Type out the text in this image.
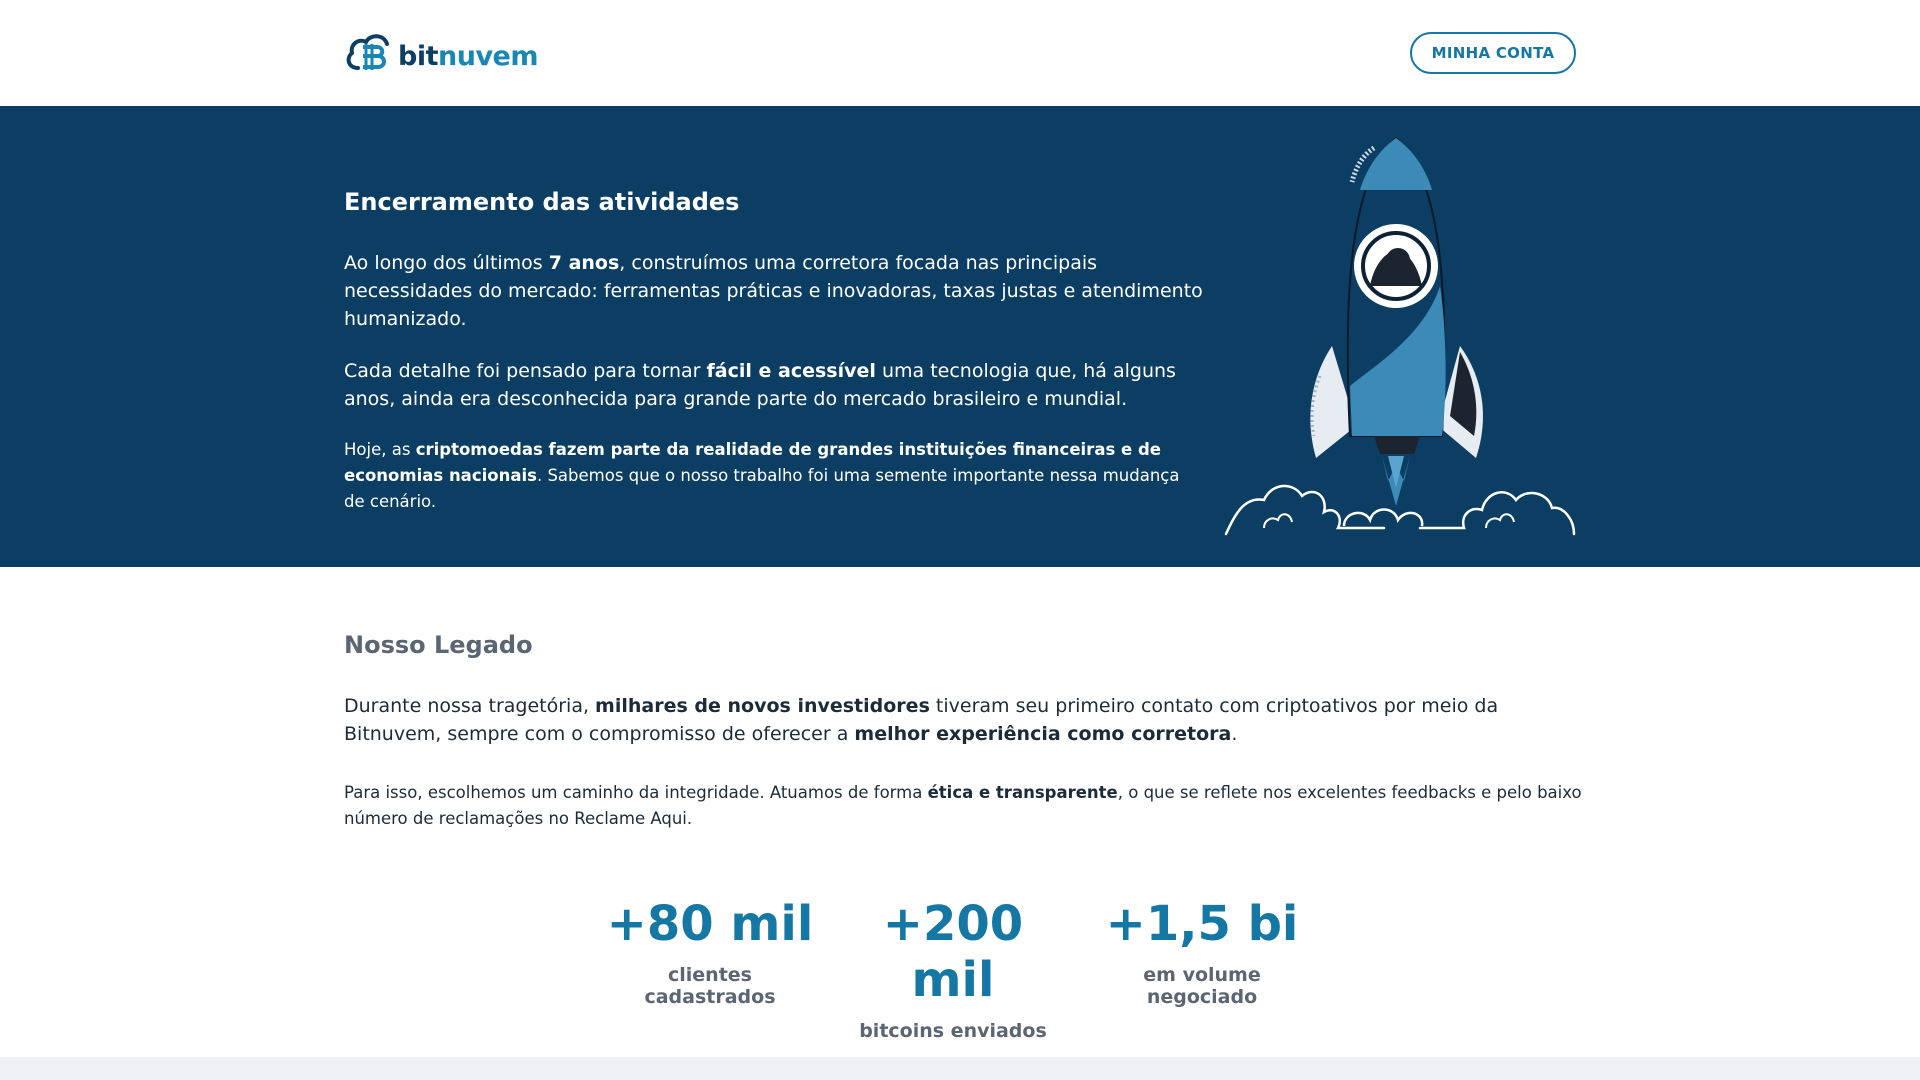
bitnuvem	MINHA CONTA
Encerramento das atividades

Ao longo dos últimos 7 anos, construímos uma corretora focada nas principais necessidades do mercado: ferramentas práticas e inovadoras, taxas justas e atendimento humanizado.

Cada detalhe foi pensado para tornar fácil e acessível uma tecnologia que, há alguns anos, ainda era desconhecida para grande parte do mercado brasileiro e mundial.

Hoje, as criptomoedas fazem parte da realidade de grandes instituições financeiras e de economias nacionais. Sabemos que o nosso trabalho foi uma semente importante nessa mudança de cenário.

Nosso Legado

Durante nossa tragetória, milhares de novos investidores tiveram seu primeiro contato com criptoativos por meio da Bitnuvem, sempre com o compromisso de oferecer a melhor experiência como corretora.

Para isso, escolhemos um caminho da integridade. Atuamos de forma ética e transparente, o que se reflete nos excelentes feedbacks e pelo baixo número de reclamações no Reclame Aqui.

+80 mil
clientes cadastrados
+200 mil
bitcoins enviados
+1,5 bi
em volume negociado
